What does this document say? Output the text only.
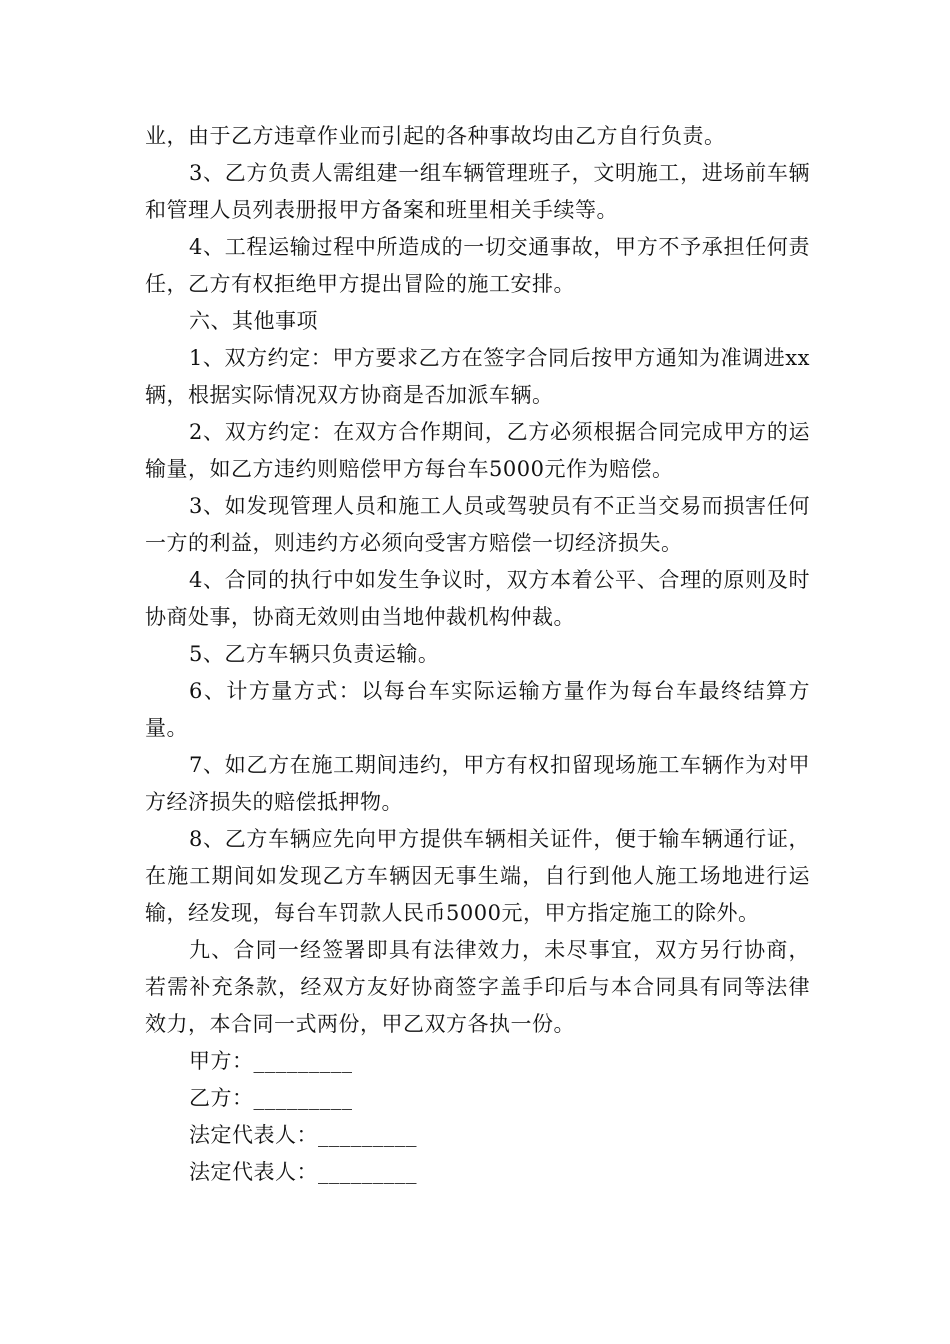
业，由于乙方违章作业而引起的各种事故均由乙方自行负责。

3、乙方负责人需组建一组车辆管理班子，文明施工，进场前车辆和管理人员列表册报甲方备案和班里相关手续等。

4、工程运输过程中所造成的一切交通事故，甲方不予承担任何责任，乙方有权拒绝甲方提出冒险的施工安排。

六、其他事项

1、双方约定：甲方要求乙方在签字合同后按甲方通知为准调进xx辆，根据实际情况双方协商是否加派车辆。

2、双方约定：在双方合作期间，乙方必须根据合同完成甲方的运输量，如乙方违约则赔偿甲方每台车5000元作为赔偿。

3、如发现管理人员和施工人员或驾驶员有不正当交易而损害任何一方的利益，则违约方必须向受害方赔偿一切经济损失。

4、合同的执行中如发生争议时，双方本着公平、合理的原则及时协商处事，协商无效则由当地仲裁机构仲裁。

5、乙方车辆只负责运输。

6、计方量方式：以每台车实际运输方量作为每台车最终结算方量。

7、如乙方在施工期间违约，甲方有权扣留现场施工车辆作为对甲方经济损失的赔偿抵押物。

8、乙方车辆应先向甲方提供车辆相关证件，便于输车辆通行证，在施工期间如发现乙方车辆因无事生端，自行到他人施工场地进行运输，经发现，每台车罚款人民币5000元，甲方指定施工的除外。

九、合同一经签署即具有法律效力，未尽事宜，双方另行协商，若需补充条款，经双方友好协商签字盖手印后与本合同具有同等法律效力，本合同一式两份，甲乙双方各执一份。

甲方：_________

乙方：_________

法定代表人：_________

法定代表人：_________
